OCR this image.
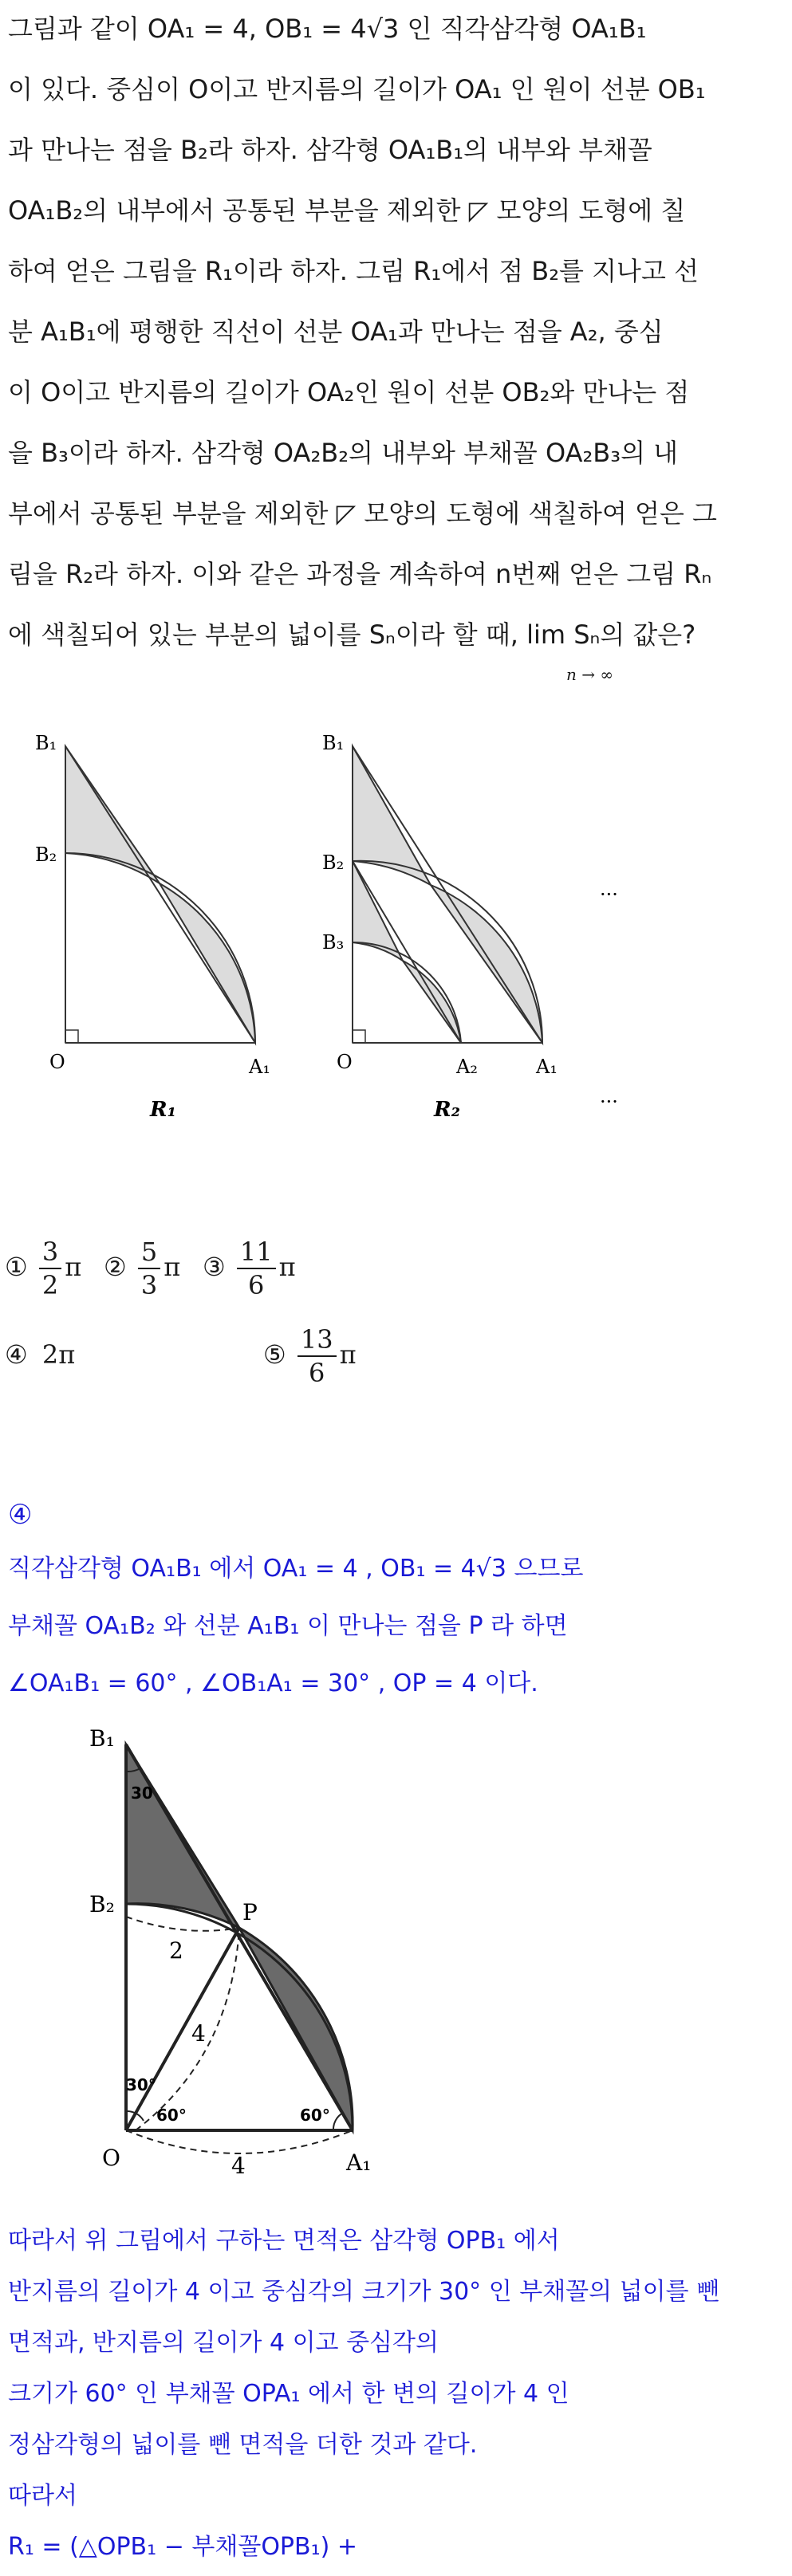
그림과 같이 OA₁ = 4, OB₁ = 4√3 인 직각삼각형 OA₁B₁
이 있다. 중심이 O이고 반지름의 길이가 OA₁ 인 원이 선분 OB₁
과 만나는 점을 B₂라 하자. 삼각형 OA₁B₁의 내부와 부채꼴
OA₁B₂의 내부에서 공통된 부분을 제외한 ◸ 모양의 도형에 칠
하여 얻은 그림을 R₁이라 하자. 그림 R₁에서 점 B₂를 지나고 선
분 A₁B₁에 평행한 직선이 선분 OA₁과 만나는 점을 A₂, 중심
이 O이고 반지름의 길이가 OA₂인 원이 선분 OB₂와 만나는 점
을 B₃이라 하자. 삼각형 OA₂B₂의 내부와 부채꼴 OA₂B₃의 내
부에서 공통된 부분을 제외한 ◸ 모양의 도형에 색칠하여 얻은 그
림을 R₂라 하자. 이와 같은 과정을 계속하여 n번째 얻은 그림 Rₙ
에 색칠되어 있는 부분의 넓이를 Sₙ이라 할 때, lim Sₙ의 값은?
n → ∞
B₁
B₂
O	A₁
R₁
B₁
B₂
B₃
O	A₂	A₁
R₂
···
···
① $\frac{3}{2}$ π ② $\frac{5}{3}$ π ③ $\frac{11}{6}$ π
④ 2π	⑤ $\frac{13}{6}$ π
④
직각삼각형 OA₁B₁ 에서 OA₁ = 4 , OB₁ = 4√3 으므로
부채꼴 OA₁B₂ 와 선분 A₁B₁ 이 만나는 점을 P 라 하면
∠OA₁B₁ = 60° , ∠OB₁A₁ = 30° , OP = 4 이다.
B₁
B₂	P
O	A₁
30
30°
60°	60°
2
4
4
따라서 위 그림에서 구하는 면적은 삼각형 OPB₁ 에서
반지름의 길이가 4 이고 중심각의 크기가 30° 인 부채꼴의 넓이를 뺀
면적과, 반지름의 길이가 4 이고 중심각의
크기가 60° 인 부채꼴 OPA₁ 에서 한 변의 길이가 4 인
정삼각형의 넓이를 뺀 면적을 더한 것과 같다.
따라서
R₁ = (△OPB₁ − 부채꼴OPB₁) +
